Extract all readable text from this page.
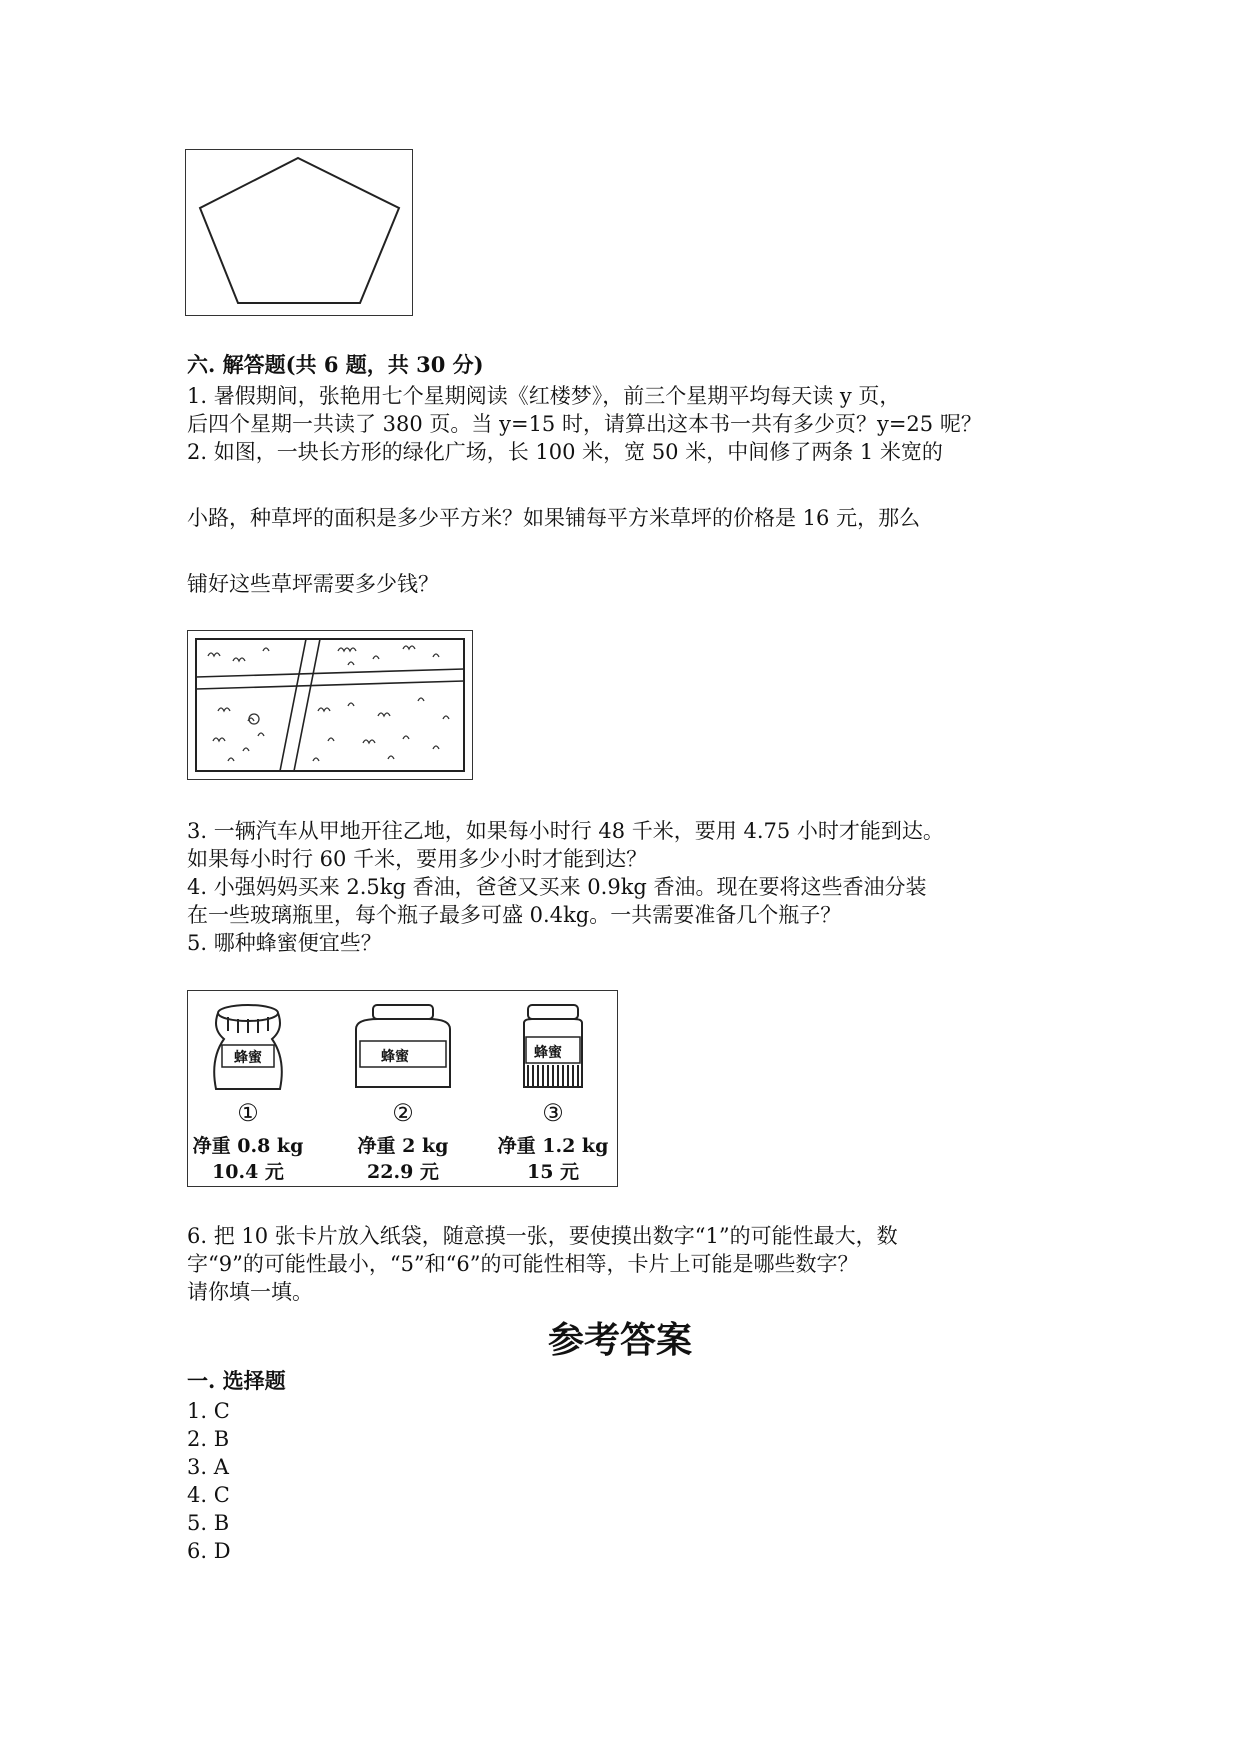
六. 解答题(共 6 题，共 30 分)
1. 暑假期间，张艳用七个星期阅读《红楼梦》，前三个星期平均每天读 y 页，
后四个星期一共读了 380 页。当 y=15 时，请算出这本书一共有多少页？y=25 呢？
2. 如图，一块长方形的绿化广场，长 100 米，宽 50 米，中间修了两条 1 米宽的
小路，种草坪的面积是多少平方米？如果铺每平方米草坪的价格是 16 元，那么
铺好这些草坪需要多少钱？
3. 一辆汽车从甲地开往乙地，如果每小时行 48 千米，要用 4.75 小时才能到达。
如果每小时行 60 千米，要用多少小时才能到达？
4. 小强妈妈买来 2.5kg 香油，爸爸又买来 0.9kg 香油。现在要将这些香油分装
在一些玻璃瓶里，每个瓶子最多可盛 0.4kg。一共需要准备几个瓶子？
5. 哪种蜂蜜便宜些？
蜂蜜	蜂蜜	蜂蜜
①	②	③
净重 0.8 kg	净重 2 kg	净重 1.2 kg
10.4 元	22.9 元	15 元
6. 把 10 张卡片放入纸袋，随意摸一张，要使摸出数字“1”的可能性最大，数
字“9”的可能性最小，“5”和“6”的可能性相等，卡片上可能是哪些数字？
请你填一填。
参考答案
一. 选择题
1. C
2. B
3. A
4. C
5. B
6. D
